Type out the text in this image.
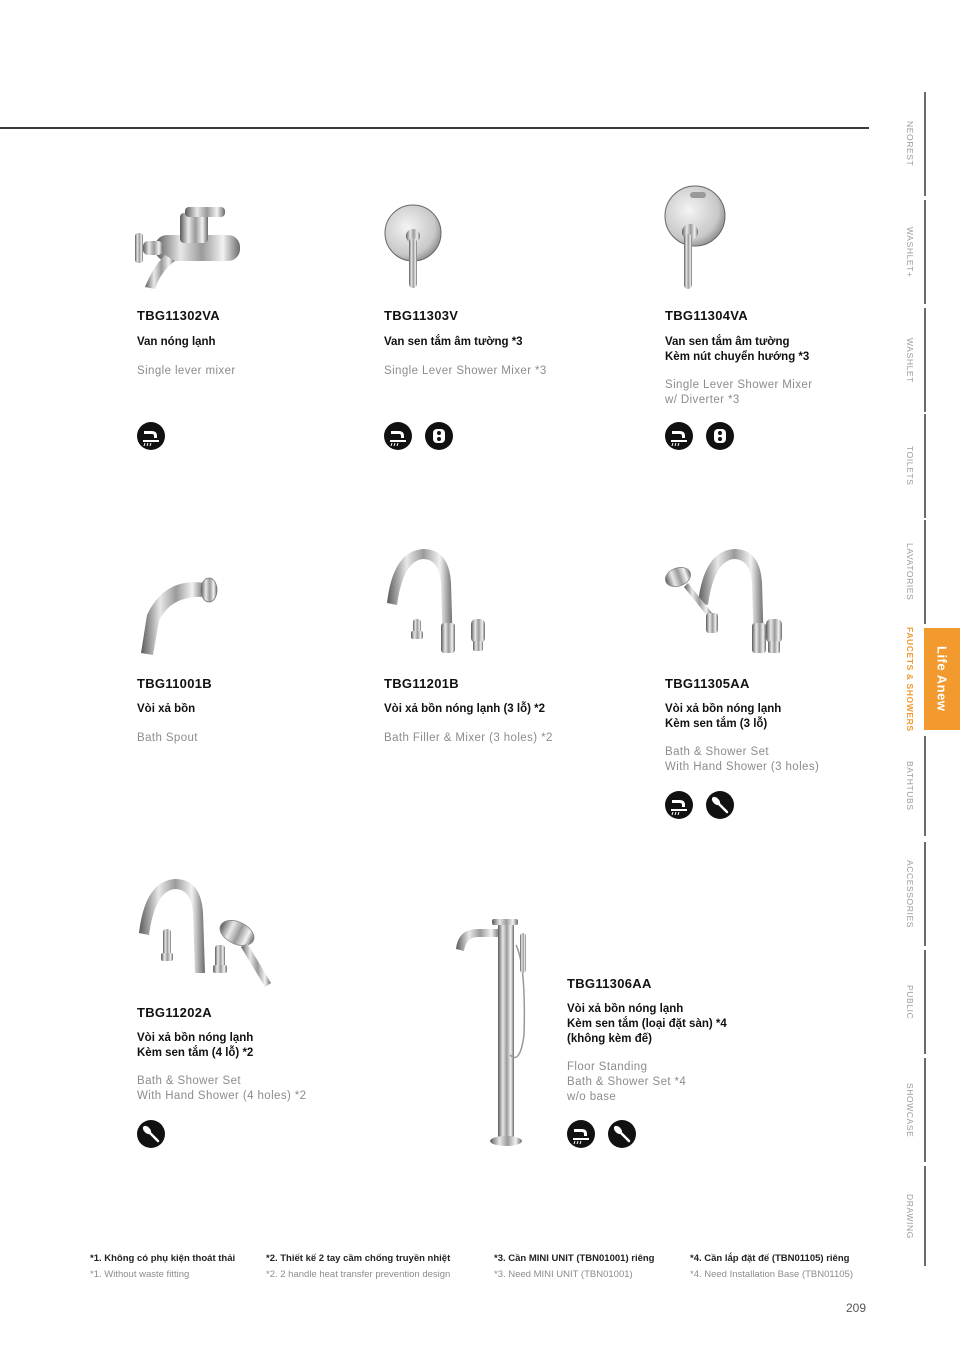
TBG11302VA
Van nóng lạnh
Single lever mixer
TBG11303V
Van sen tắm âm tường *3
Single Lever Shower Mixer *3
TBG11304VA
Van sen tắm âm tường
Kèm nút chuyển hướng *3
Single Lever Shower Mixer
w/ Diverter *3
TBG11001B
Vòi xả bồn
Bath Spout
TBG11201B
Vòi xả bồn nóng lạnh (3 lỗ) *2
Bath Filler & Mixer (3 holes) *2
TBG11305AA
Vòi xả bồn nóng lạnh
Kèm sen tắm (3 lỗ)
Bath & Shower Set
With Hand Shower (3 holes)
TBG11202A
Vòi xả bồn nóng lạnh
Kèm sen tắm (4 lỗ) *2
Bath & Shower Set
With Hand Shower (4 holes) *2
TBG11306AA
Vòi xả bồn nóng lạnh
Kèm sen tắm (loại đặt sàn) *4
(không kèm đế)
Floor Standing
Bath & Shower Set *4
w/o base
NEOREST
WASHLET+
WASHLET
TOILETS
LAVATORIES
FAUCETS & SHOWERS Life Anew
BATHTUBS
ACCESSORIES
PUBLIC
SHOWCASE
DRAWING
*1. Không có phụ kiện thoát thải
*1. Without waste fitting
*2. Thiết kế 2 tay cầm chống truyền nhiệt
*2. 2 handle heat transfer prevention design
*3. Cần MINI UNIT (TBN01001) riêng
*3. Need MINI UNIT (TBN01001)
*4. Cần lắp đặt đế (TBN01105) riêng
*4. Need Installation Base (TBN01105)
209
